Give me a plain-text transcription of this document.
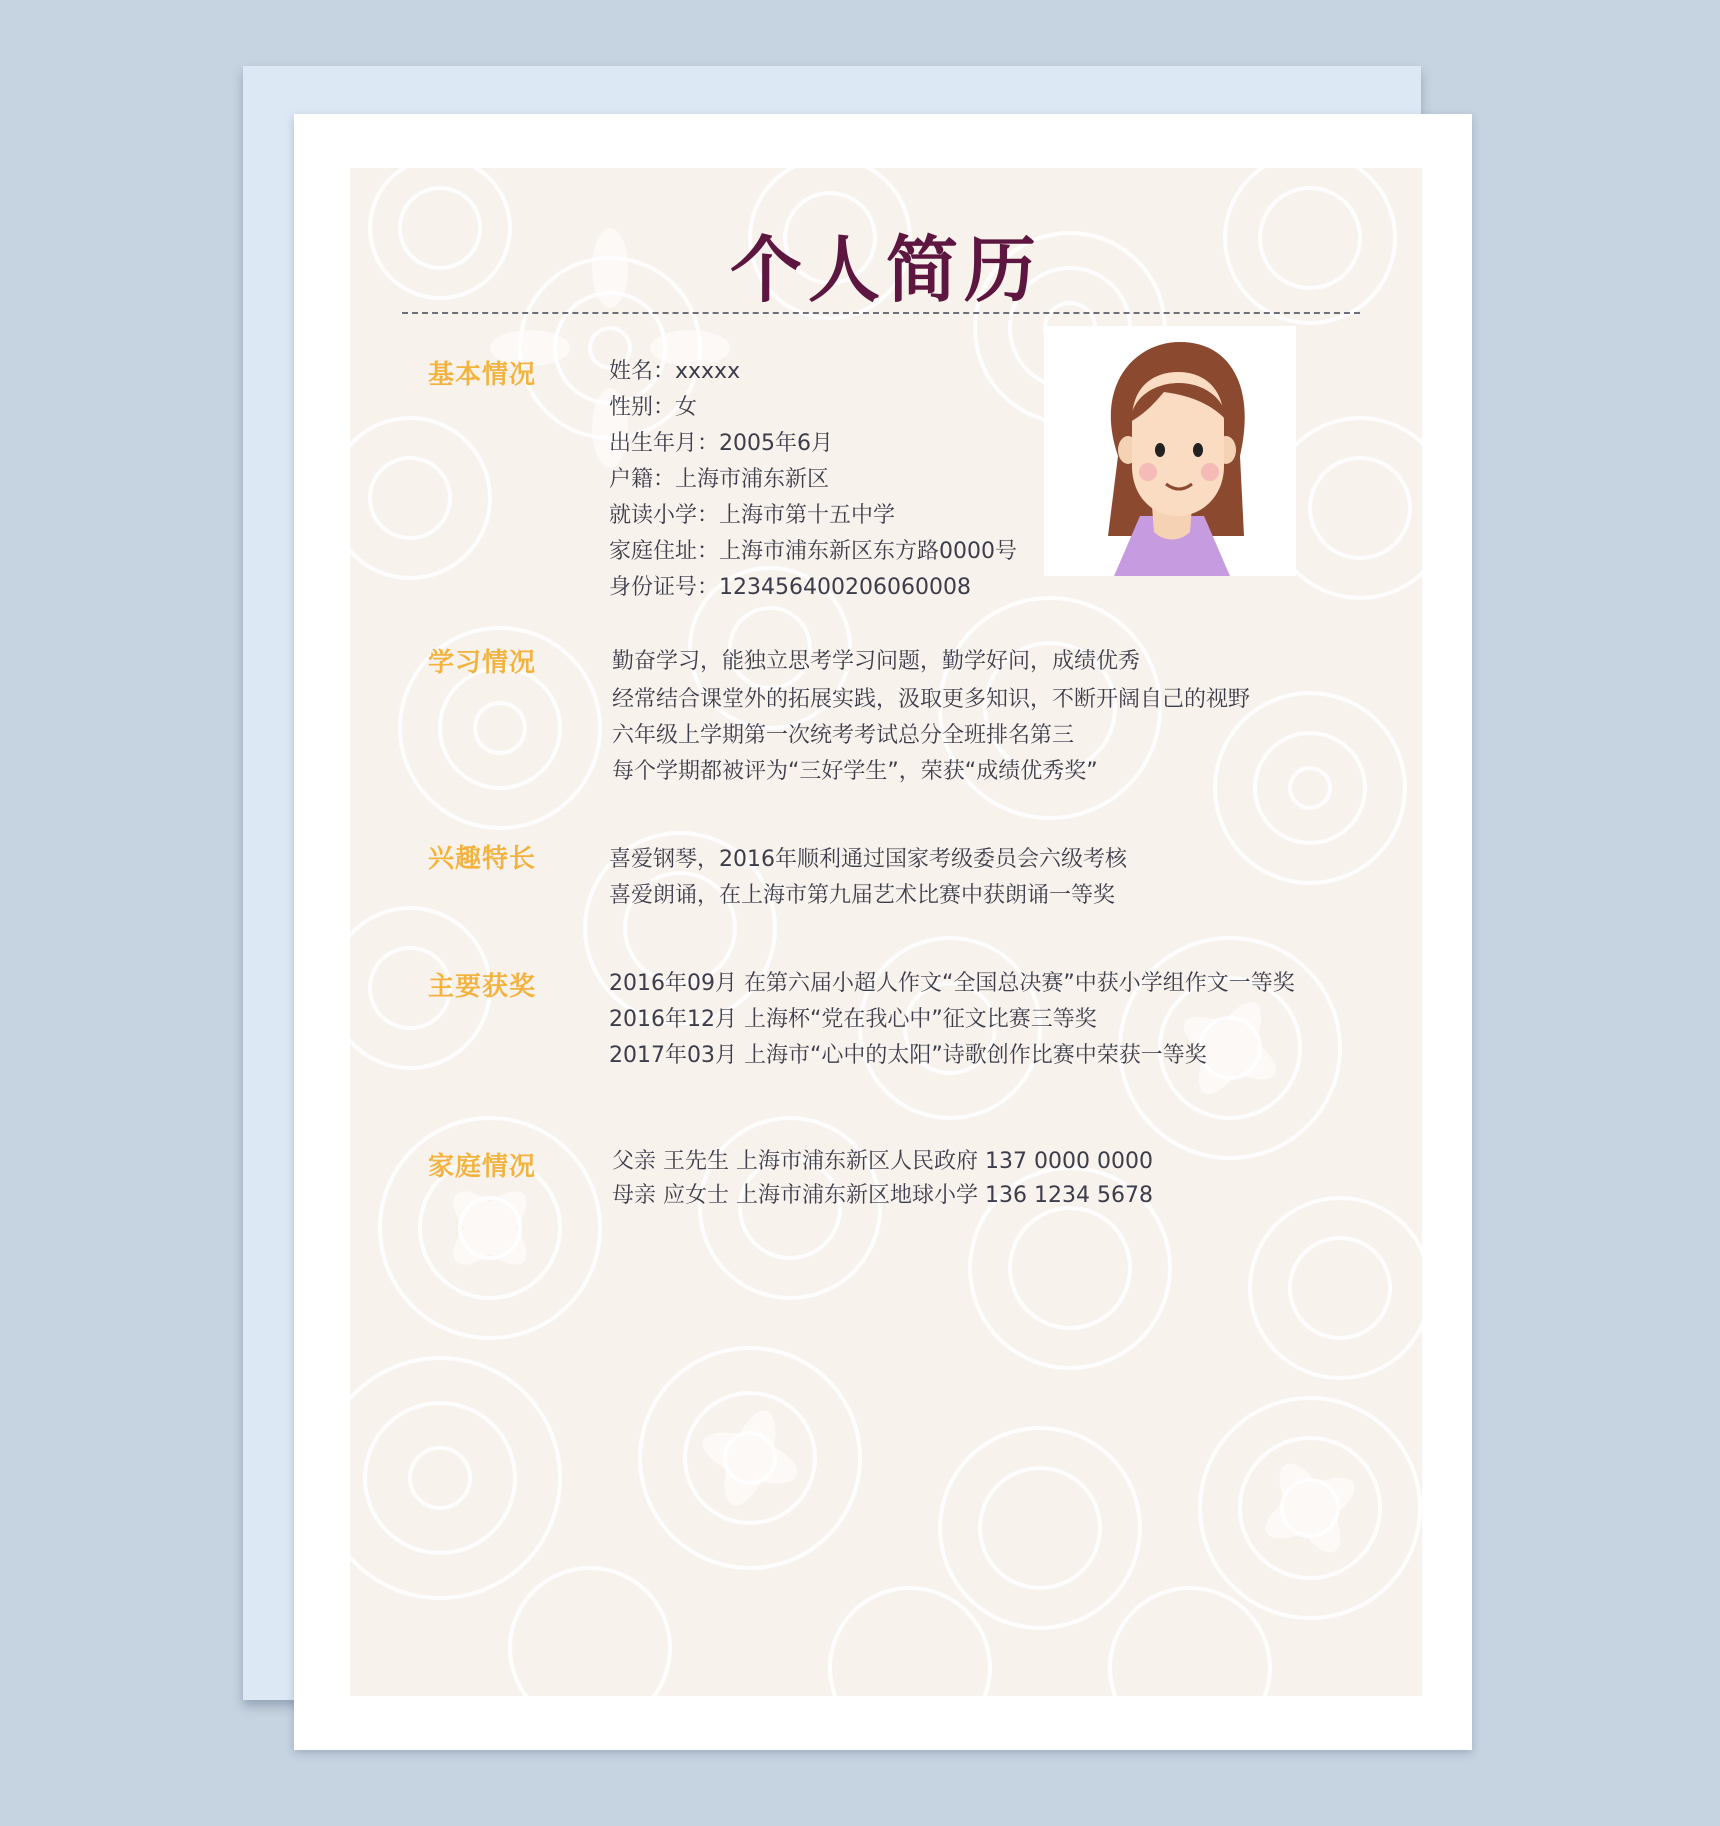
个人简历
基本情况	姓名：xxxxx
性别：女
出生年月：2005年6月
户籍：上海市浦东新区
就读小学：上海市第十五中学
家庭住址：上海市浦东新区东方路0000号
身份证号：123456400206060008
学习情况	勤奋学习，能独立思考学习问题，勤学好问，成绩优秀
经常结合课堂外的拓展实践，汲取更多知识，不断开阔自己的视野
六年级上学期第一次统考考试总分全班排名第三
每个学期都被评为“三好学生”，荣获“成绩优秀奖”
兴趣特长	喜爱钢琴，2016年顺利通过国家考级委员会六级考核
喜爱朗诵，在上海市第九届艺术比赛中获朗诵一等奖
主要获奖	2016年09月 在第六届小超人作文“全国总决赛”中获小学组作文一等奖
2016年12月 上海杯“党在我心中”征文比赛三等奖
2017年03月 上海市“心中的太阳”诗歌创作比赛中荣获一等奖
家庭情况	父亲 王先生 上海市浦东新区人民政府 137 0000 0000
母亲 应女士 上海市浦东新区地球小学 136 1234 5678
